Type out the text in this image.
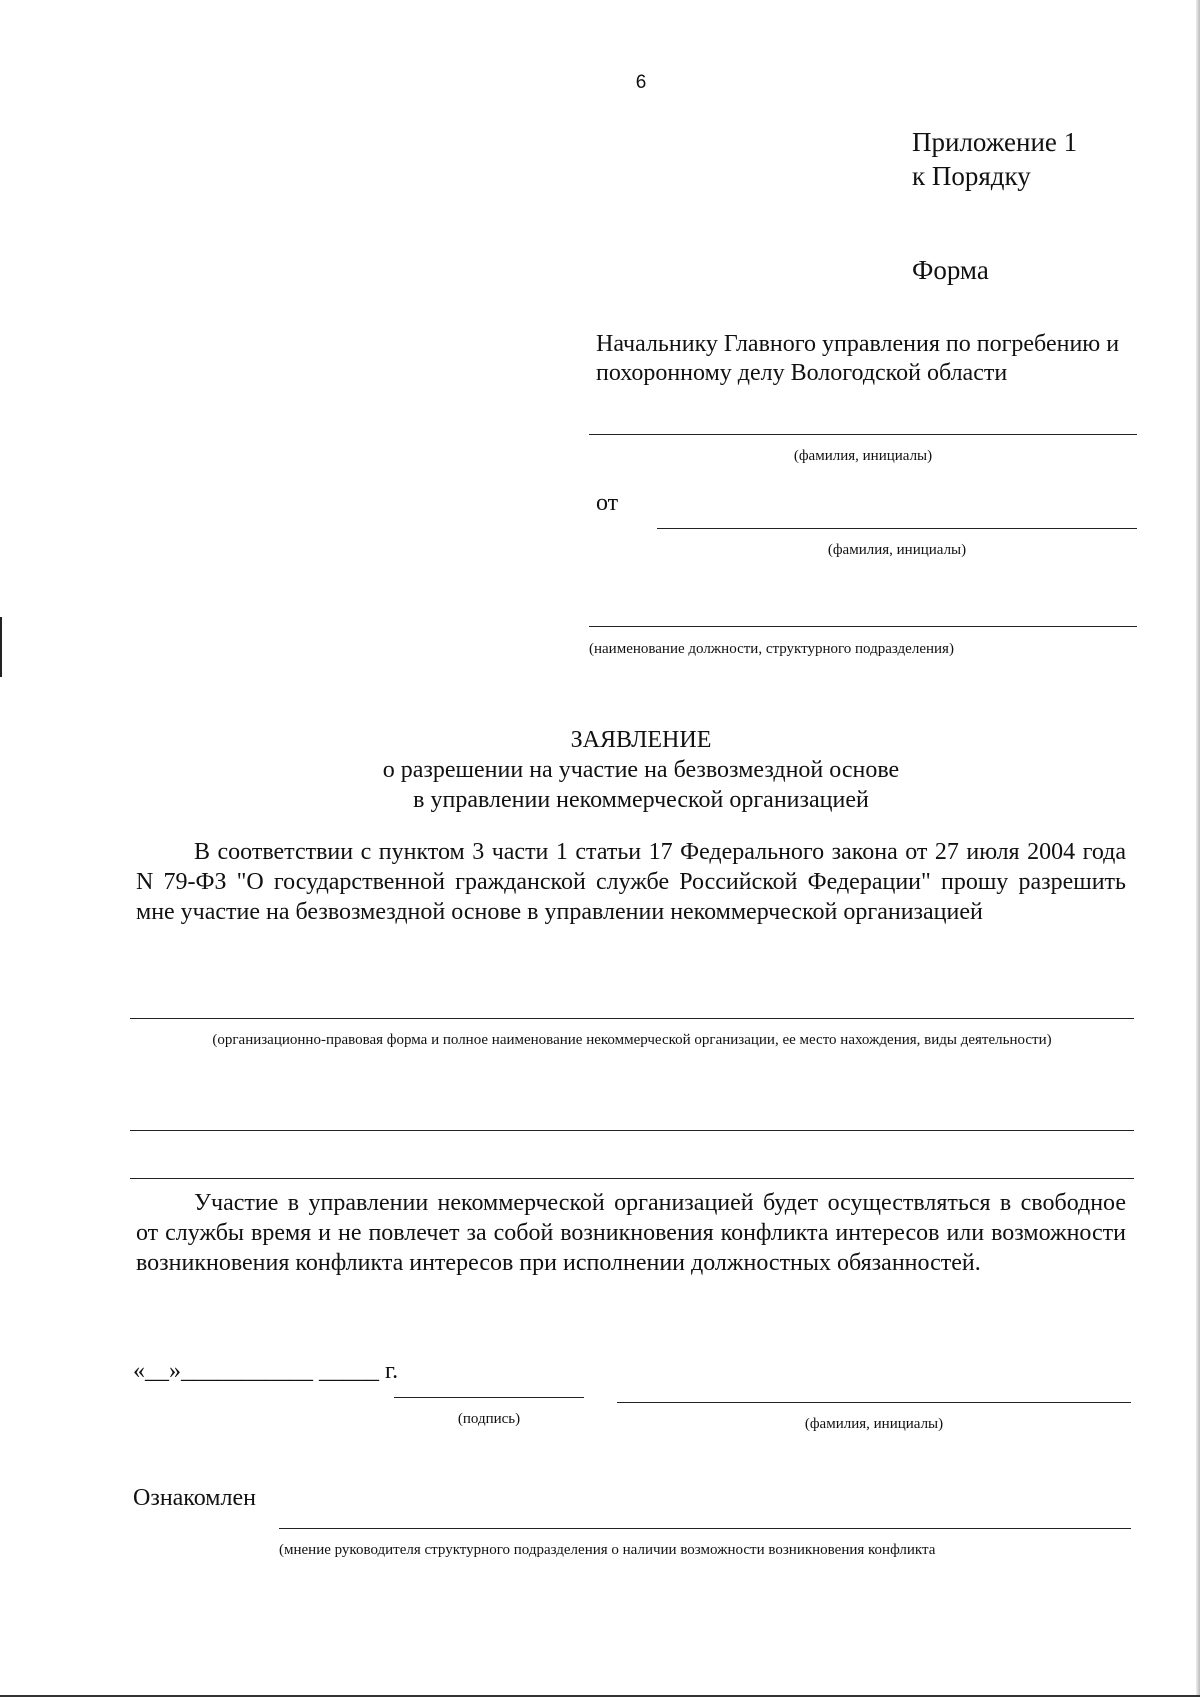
6
Приложение 1
к Порядку
Форма
Начальнику Главного управления по погребению и похоронному делу Вологодской области
(фамилия, инициалы)
от
(фамилия, инициалы)
(наименование должности, структурного подразделения)
ЗАЯВЛЕНИЕ
о разрешении на участие на безвозмездной основе
в управлении некоммерческой организацией
В соответствии с пунктом 3 части 1 статьи 17 Федерального закона от 27 июля 2004 года N 79-ФЗ "О государственной гражданской службе Российской Федерации" прошу разрешить мне участие на безвозмездной основе в управлении некоммерческой организацией
(организационно-правовая форма и полное наименование некоммерческой организации, ее место нахождения, виды деятельности)
Участие в управлении некоммерческой организацией будет осуществляться в свободное от службы время и не повлечет за собой возникновения конфликта интересов или возможности возникновения конфликта интересов при исполнении должностных обязанностей.
«__»___________ _____ г.
(подпись)	(фамилия, инициалы)
Ознакомлен
(мнение руководителя структурного подразделения о наличии возможности возникновения конфликта
